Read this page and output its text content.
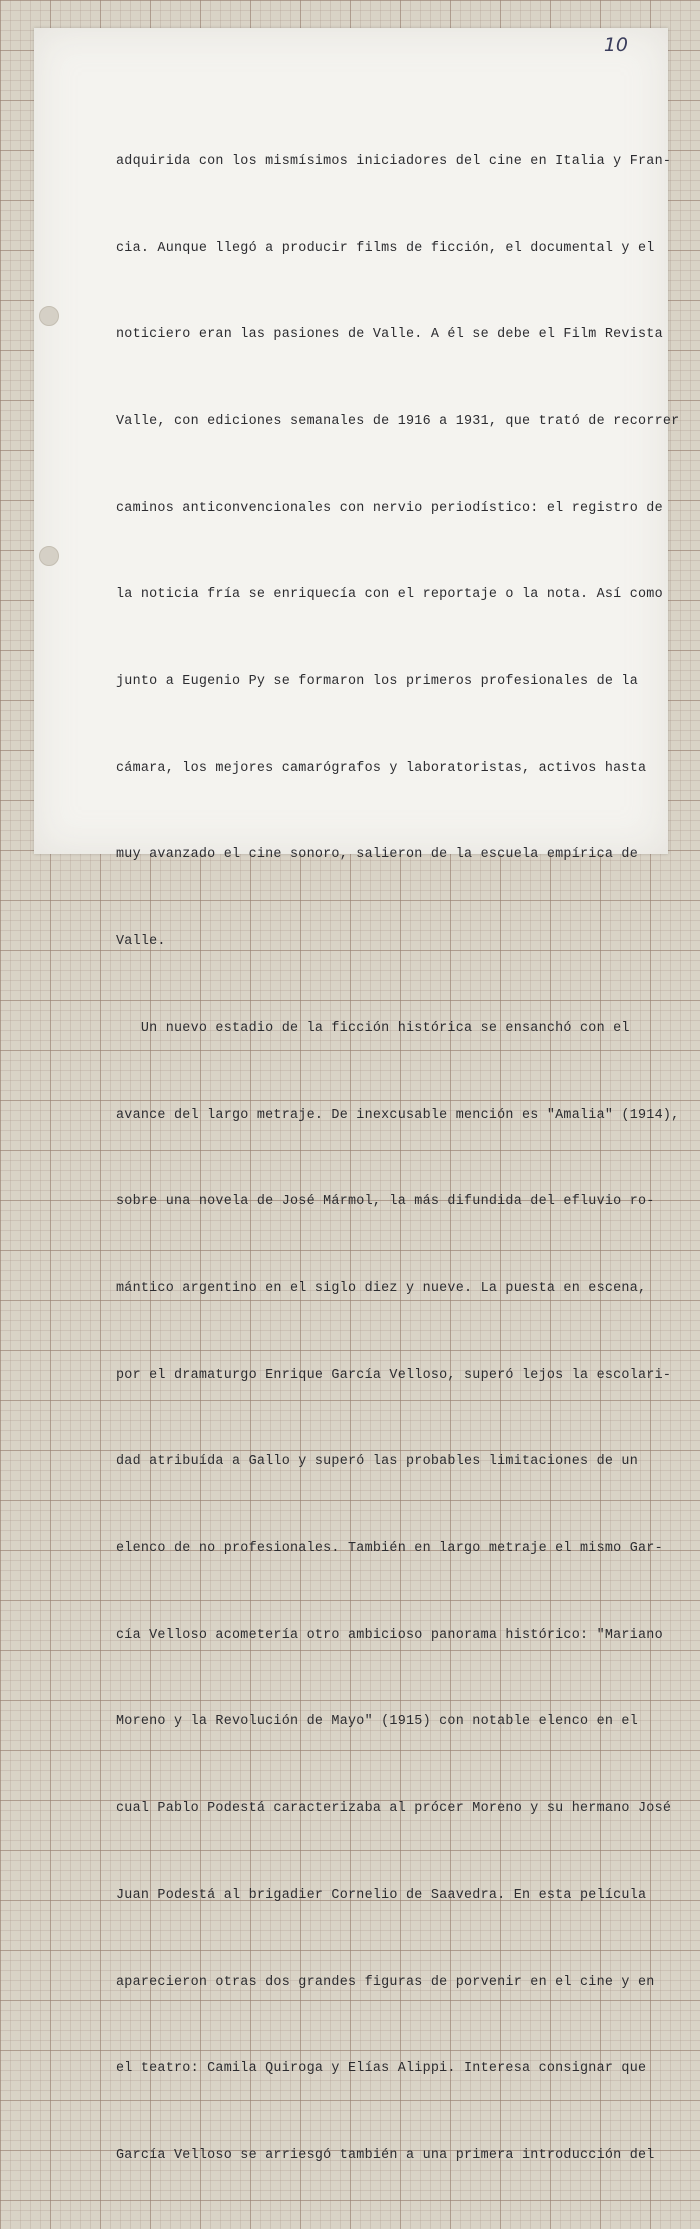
10

adquirida con los mismísimos iniciadores del cine en Italia y Fran-

cia. Aunque llegó a producir films de ficción, el documental y el

noticiero eran las pasiones de Valle. A él se debe el Film Revista

Valle, con ediciones semanales de 1916 a 1931, que trató de recorrer

caminos anticonvencionales con nervio periodístico: el registro de

la noticia fría se enriquecía con el reportaje o la nota. Así como

junto a Eugenio Py se formaron los primeros profesionales de la

cámara, los mejores camarógrafos y laboratoristas, activos hasta

muy avanzado el cine sonoro, salieron de la escuela empírica de

Valle.

Un nuevo estadio de la ficción histórica se ensanchó con el

avance del largo metraje. De inexcusable mención es "Amalia" (1914),

sobre una novela de José Mármol, la más difundida del efluvio ro-

mántico argentino en el siglo diez y nueve. La puesta en escena,

por el dramaturgo Enrique García Velloso, superó lejos la escolari-

dad atribuída a Gallo y superó las probables limitaciones de un

elenco de no profesionales. También en largo metraje el mismo Gar-

cía Velloso acometería otro ambicioso panorama histórico: "Mariano

Moreno y la Revolución de Mayo" (1915) con notable elenco en el

cual Pablo Podestá caracterizaba al prócer Moreno y su hermano José

Juan Podestá al brigadier Cornelio de Saavedra. En esta película

aparecieron otras dos grandes figuras de porvenir en el cine y en

el teatro: Camila Quiroga y Elías Alippi. Interesa consignar que

García Velloso se arriesgó también a una primera introducción del
